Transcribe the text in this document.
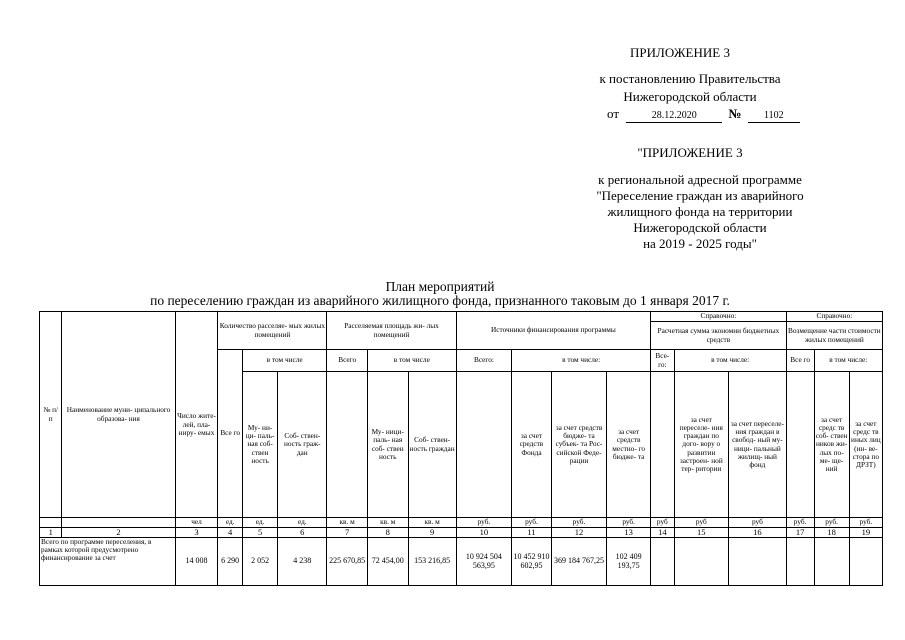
ПРИЛОЖЕНИЕ 3
к постановлению Правительства
Нижегородской области
от	28.12.2020 № 1102
"ПРИЛОЖЕНИЕ 3
к региональной адресной программе
"Переселение граждан из аварийного
жилищного фонда на территории
Нижегородской области
на 2019 - 2025 годы"
План мероприятий
по переселению граждан из аварийного жилищного фонда, признанного таковым до 1 января 2017 г.
№ п/ п	Наименование муни- ципального образова- ния	Число жите- лей, пла- ниру- емых	Количество расселяе- мых жилых помещений			Расселяемая площадь жи- лых помещений			Источники финансирования программы				Справочно:			Справочно:		
													Расчетная сумма экономии бюджетных средств			Возмещение части стоимости жилых помещений		
			Все го	в том числе		Всего	в том числе		Всего:	в том числе:			Все- го:	в том числе:		Все го	в том числе:	
				Му- ни- ци- паль- ная соб- ствен ность	Соб- ствен- ность граж- дан		Му- ници- паль- ная соб- ствен ность	Соб- ствен- ность граждан		за счет средств Фонда	за счет средств бюдже- та субъек- та Рос- сийской Феде- рации	за счет средств местно- го бюдже- та		за счет переселе- ния граждан по дого- вору о развитии застроен- ной тер- ритории	за счет переселе- ния граждан в свобод- ный му- ници- пальный жилищ- ный фонд		за счет средс тв соб- ствен ников жи- лых по- ме- ще- ний	за счет средс тв иных лиц (ин- ве- стора по ДРЗТ)
		чел	ед.	ед.	ед.	кв. м	кв. м	кв. м	руб.	руб.	руб.	руб.	руб	руб	руб	руб.	руб.	руб.
1	2	3	4	5	6	7	8	9	10	11	12	13	14	15	16	17	18	19
Всего по программе переселения, в рамках которой предусмотрено финансирование за счет		14 008	6 290	2 052	4 238	225 670,85	72 454,00	153 216,85	10 924 504 563,95	10 452 910 602,95	369 184 767,25	102 409 193,75						
